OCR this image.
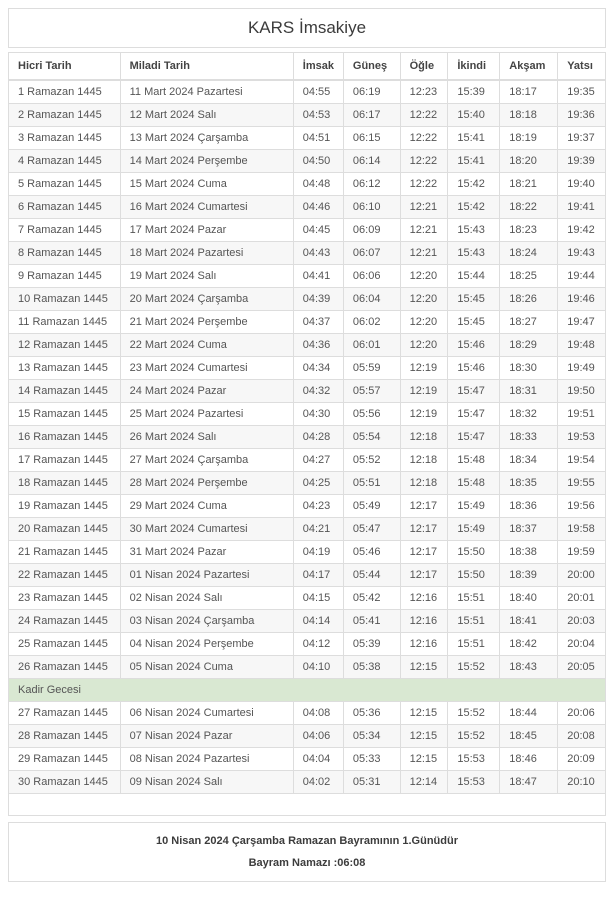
KARS İmsakiye
Hicri Tarih	Miladi Tarih	İmsak	Güneş	Öğle	İkindi	Akşam	Yatsı
1 Ramazan 1445	11 Mart 2024 Pazartesi	04:55	06:19	12:23	15:39	18:17	19:35
2 Ramazan 1445	12 Mart 2024 Salı	04:53	06:17	12:22	15:40	18:18	19:36
3 Ramazan 1445	13 Mart 2024 Çarşamba	04:51	06:15	12:22	15:41	18:19	19:37
4 Ramazan 1445	14 Mart 2024 Perşembe	04:50	06:14	12:22	15:41	18:20	19:39
5 Ramazan 1445	15 Mart 2024 Cuma	04:48	06:12	12:22	15:42	18:21	19:40
6 Ramazan 1445	16 Mart 2024 Cumartesi	04:46	06:10	12:21	15:42	18:22	19:41
7 Ramazan 1445	17 Mart 2024 Pazar	04:45	06:09	12:21	15:43	18:23	19:42
8 Ramazan 1445	18 Mart 2024 Pazartesi	04:43	06:07	12:21	15:43	18:24	19:43
9 Ramazan 1445	19 Mart 2024 Salı	04:41	06:06	12:20	15:44	18:25	19:44
10 Ramazan 1445	20 Mart 2024 Çarşamba	04:39	06:04	12:20	15:45	18:26	19:46
11 Ramazan 1445	21 Mart 2024 Perşembe	04:37	06:02	12:20	15:45	18:27	19:47
12 Ramazan 1445	22 Mart 2024 Cuma	04:36	06:01	12:20	15:46	18:29	19:48
13 Ramazan 1445	23 Mart 2024 Cumartesi	04:34	05:59	12:19	15:46	18:30	19:49
14 Ramazan 1445	24 Mart 2024 Pazar	04:32	05:57	12:19	15:47	18:31	19:50
15 Ramazan 1445	25 Mart 2024 Pazartesi	04:30	05:56	12:19	15:47	18:32	19:51
16 Ramazan 1445	26 Mart 2024 Salı	04:28	05:54	12:18	15:47	18:33	19:53
17 Ramazan 1445	27 Mart 2024 Çarşamba	04:27	05:52	12:18	15:48	18:34	19:54
18 Ramazan 1445	28 Mart 2024 Perşembe	04:25	05:51	12:18	15:48	18:35	19:55
19 Ramazan 1445	29 Mart 2024 Cuma	04:23	05:49	12:17	15:49	18:36	19:56
20 Ramazan 1445	30 Mart 2024 Cumartesi	04:21	05:47	12:17	15:49	18:37	19:58
21 Ramazan 1445	31 Mart 2024 Pazar	04:19	05:46	12:17	15:50	18:38	19:59
22 Ramazan 1445	01 Nisan 2024 Pazartesi	04:17	05:44	12:17	15:50	18:39	20:00
23 Ramazan 1445	02 Nisan 2024 Salı	04:15	05:42	12:16	15:51	18:40	20:01
24 Ramazan 1445	03 Nisan 2024 Çarşamba	04:14	05:41	12:16	15:51	18:41	20:03
25 Ramazan 1445	04 Nisan 2024 Perşembe	04:12	05:39	12:16	15:51	18:42	20:04
26 Ramazan 1445	05 Nisan 2024 Cuma	04:10	05:38	12:15	15:52	18:43	20:05
Kadir Gecesi							
27 Ramazan 1445	06 Nisan 2024 Cumartesi	04:08	05:36	12:15	15:52	18:44	20:06
28 Ramazan 1445	07 Nisan 2024 Pazar	04:06	05:34	12:15	15:52	18:45	20:08
29 Ramazan 1445	08 Nisan 2024 Pazartesi	04:04	05:33	12:15	15:53	18:46	20:09
30 Ramazan 1445	09 Nisan 2024 Salı	04:02	05:31	12:14	15:53	18:47	20:10

10 Nisan 2024 Çarşamba Ramazan Bayramının 1.Günüdür

Bayram Namazı :06:08
